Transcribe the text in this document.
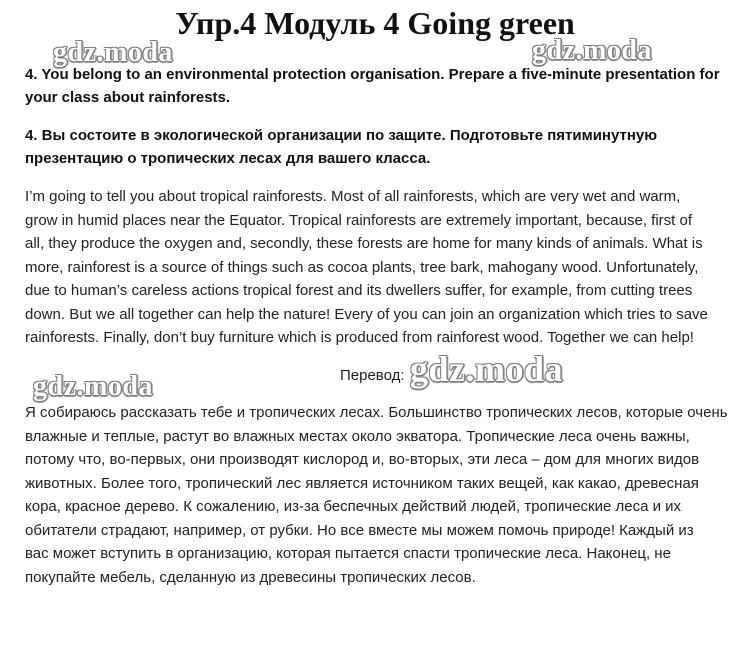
Упр.4 Модуль 4 Going green
gdz.moda	gdz.moda
gdz.moda	gdz.moda
4. You belong to an environmental protection organisation. Prepare a five-minute presentation for
your class about rainforests.
4. Вы состоите в экологической организации по защите. Подготовьте пятиминутную
презентацию о тропических лесах для вашего класса.
I’m going to tell you about tropical rainforests. Most of all rainforests, which are very wet and warm,
grow in humid places near the Equator. Tropical rainforests are extremely important, because, first of
all, they produce the oxygen and, secondly, these forests are home for many kinds of animals. What is
more, rainforest is a source of things such as cocoa plants, tree bark, mahogany wood. Unfortunately,
due to human’s careless actions tropical forest and its dwellers suffer, for example, from cutting trees
down. But we all together can help the nature! Every of you can join an organization which tries to save
rainforests. Finally, don’t buy furniture which is produced from rainforest wood. Together we can help!
Перевод:
Я собираюсь рассказать тебе и тропических лесах. Большинство тропических лесов, которые очень
влажные и теплые, растут во влажных местах около экватора. Тропические леса очень важны,
потому что, во-первых, они производят кислород и, во-вторых, эти леса – дом для многих видов
животных. Более того, тропический лес является источником таких вещей, как какао, древесная
кора, красное дерево. К сожалению, из-за беспечных действий людей, тропические леса и их
обитатели страдают, например, от рубки. Но все вместе мы можем помочь природе! Каждый из
вас может вступить в организацию, которая пытается спасти тропические леса. Наконец, не
покупайте мебель, сделанную из древесины тропических лесов.
